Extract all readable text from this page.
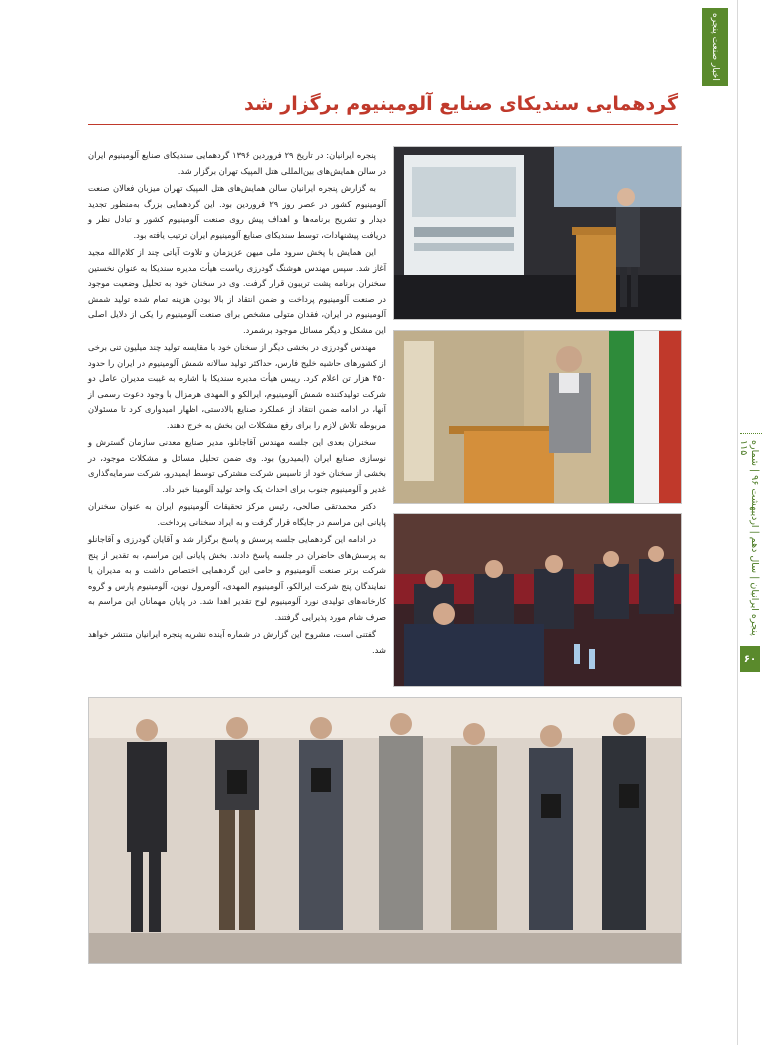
اخبار صنعت پنجره
پنجره ایرانیان | سال دهم | اردیبهشت ۹۶ | شماره ۱۱۵
۶۰
گردهمایی سندیکای صنایع آلومینیوم برگزار شد

پنجره ایرانیان: در تاریخ ۲۹ فروردین ۱۳۹۶ گردهمایی سندیکای صنایع آلومینیوم ایران در سالن همایش‌های بین‌المللی هتل المپیک تهران برگزار شد.

به گزارش پنجره ایرانیان سالن همایش‌های هتل المپیک تهران میزبان فعالان صنعت آلومینیوم کشور در عصر روز ۲۹ فروردین بود. این گردهمایی بزرگ به‌منظور تجدید دیدار و تشریح برنامه‌ها و اهداف پیش روی صنعت آلومینیوم کشور و تبادل نظر و دریافت پیشنهادات، توسط سندیکای صنایع آلومینیوم ایران ترتیب یافته بود.

این همایش با پخش سرود ملی میهن عزیزمان و تلاوت آیاتی چند از کلام‌الله مجید آغاز شد. سپس مهندس هوشنگ گودرزی ریاست هیأت مدیره سندیکا به عنوان نخستین سخنران برنامه پشت تریبون قرار گرفت. وی در سخنان خود به تحلیل وضعیت موجود در صنعت آلومینیوم پرداخت و ضمن انتقاد از بالا بودن هزینه تمام شده تولید شمش آلومینیوم در ایران، فقدان متولی مشخص برای صنعت آلومینیوم را یکی از دلایل اصلی این مشکل و دیگر مسائل موجود برشمرد.

مهندس گودرزی در بخشی دیگر از سخنان خود با مقایسه تولید چند میلیون تنی برخی از کشورهای حاشیه خلیج فارس، حداکثر تولید سالانه شمش آلومینیوم در ایران را حدود ۴۵۰ هزار تن اعلام کرد. رییس هیأت مدیره سندیکا با اشاره به غیبت مدیران عامل دو شرکت تولیدکننده شمش آلومینیوم، ایرالکو و المهدی هرمزال با وجود دعوت رسمی از آنها، در ادامه ضمن انتقاد از عملکرد صنایع بالادستی، اظهار امیدواری کرد تا مسئولان مربوطه تلاش لازم را برای رفع مشکلات این بخش به خرج دهند.

سخنران بعدی این جلسه مهندس آقاجانلو، مدیر صنایع معدنی سازمان گسترش و نوسازی صنایع ایران (ایمیدرو) بود. وی ضمن تحلیل مسائل و مشکلات موجود، در بخشی از سخنان خود از تاسیس شرکت مشترکی توسط ایمیدرو، شرکت سرمایه‌گذاری غدیر و آلومینیوم جنوب برای احداث یک واحد تولید آلومینا خبر داد.

دکتر محمدتقی صالحی، رئیس مرکز تحقیقات آلومینیوم ایران به عنوان سخنران پایانی این مراسم در جایگاه قرار گرفت و به ایراد سخنانی پرداخت.

در ادامه این گردهمایی جلسه پرسش و پاسخ برگزار شد و آقایان گودرزی و آقاجانلو به پرسش‌های حاضران در جلسه پاسخ دادند. بخش پایانی این مراسم، به تقدیر از پنج شرکت برتر صنعت آلومینیوم و حامی این گردهمایی اختصاص داشت و به مدیران یا نمایندگان پنج شرکت ایرالکو، آلومینیوم المهدی، آلومرول نوین، آلومینیوم پارس و گروه کارخانه‌های تولیدی نورد آلومینیوم لوح تقدیر اهدا شد. در پایان مهمانان این مراسم به صرف شام مورد پذیرایی گرفتند.

گفتنی است، مشروح این گزارش در شماره آینده نشریه پنجره ایرانیان منتشر خواهد شد.
